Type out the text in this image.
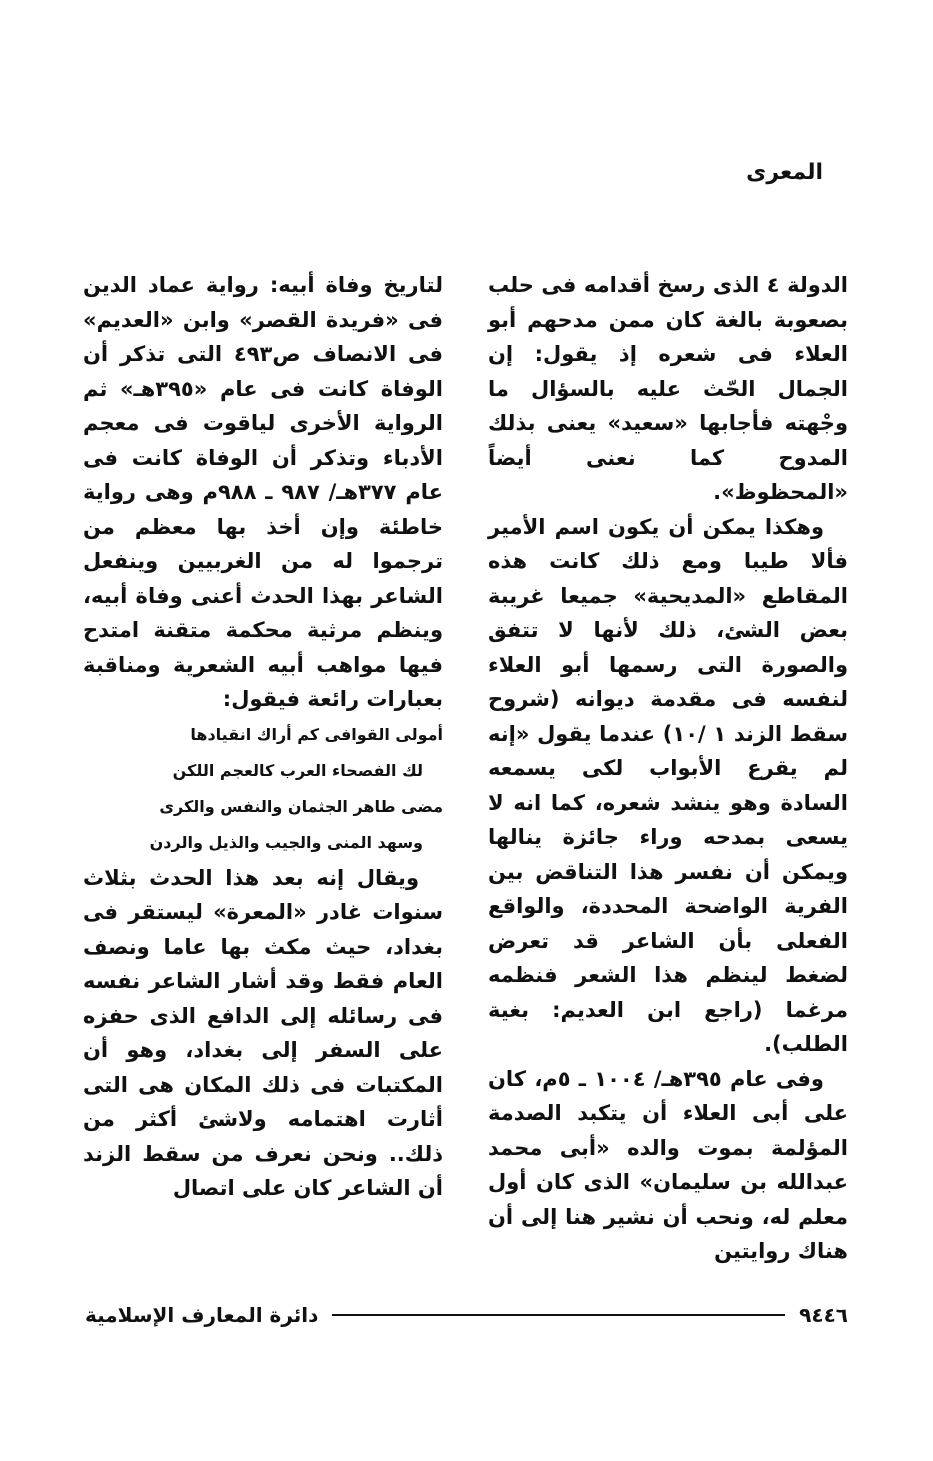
المعرى

الدولة ٤ الذى رسخ أقدامه فى حلب بصعوبة بالغة كان ممن مدحهم أبو العلاء فى شعره إذ يقول: إن الجمال الحّث عليه بالسؤال ما وجْهته فأجابها «سعيد» يعنى بذلك المدوح كما نعنى أيضاً «المحظوظ».

وهكذا يمكن أن يكون اسم الأمير فألا طيبا ومع ذلك كانت هذه المقاطع «المديحية» جميعا غريبة بعض الشئ، ذلك لأنها لا تتفق والصورة التى رسمها أبو العلاء لنفسه فى مقدمة ديوانه (شروح سقط الزند ١ /١٠) عندما يقول «إنه لم يقرع الأبواب لكى يسمعه السادة وهو ينشد شعره، كما انه لا يسعى بمدحه وراء جائزة ينالها ويمكن أن نفسر هذا التناقض بين الفرية الواضحة المحددة، والواقع الفعلى بأن الشاعر قد تعرض لضغط لينظم هذا الشعر فنظمه مرغما (راجع ابن العديم: بغية الطلب).

وفى عام ٣٩٥هـ/ ١٠٠٤ ـ ٥م، كان على أبى العلاء أن يتكبد الصدمة المؤلمة بموت والده «أبى محمد عبدالله بن سليمان» الذى كان أول معلم له، ونحب أن نشير هنا إلى أن هناك روايتين

لتاريخ وفاة أبيه: رواية عماد الدين فى «فريدة القصر» وابن «العديم» فى الانصاف ص٤٩٣ التى تذكر أن الوفاة كانت فى عام «٣٩٥هـ» ثم الرواية الأخرى لياقوت فى معجم الأدباء وتذكر أن الوفاة كانت فى عام ٣٧٧هـ/ ٩٨٧ ـ ٩٨٨م وهى رواية خاطئة وإن أخذ بها معظم من ترجموا له من الغربيين وينفعل الشاعر بهذا الحدث أعنى وفاة أبيه، وينظم مرثية محكمة متقنة امتدح فيها مواهب أبيه الشعرية ومناقبة بعبارات رائعة فيقول:

أمولى القوافى كم أراك انقيادها
لك الفصحاء العرب كالعجم اللكن
مضى طاهر الجثمان والنفس والكرى
وسهد المنى والجيب والذيل والردن

ويقال إنه بعد هذا الحدث بثلاث سنوات غادر «المعرة» ليستقر فى بغداد، حيث مكث بها عاما ونصف العام فقط وقد أشار الشاعر نفسه فى رسائله إلى الدافع الذى حفزه على السفر إلى بغداد، وهو أن المكتبات فى ذلك المكان هى التى أثارت اهتمامه ولاشئ أكثر من ذلك.. ونحن نعرف من سقط الزند أن الشاعر كان على اتصال

٩٤٤٦
دائرة المعارف الإسلامية
